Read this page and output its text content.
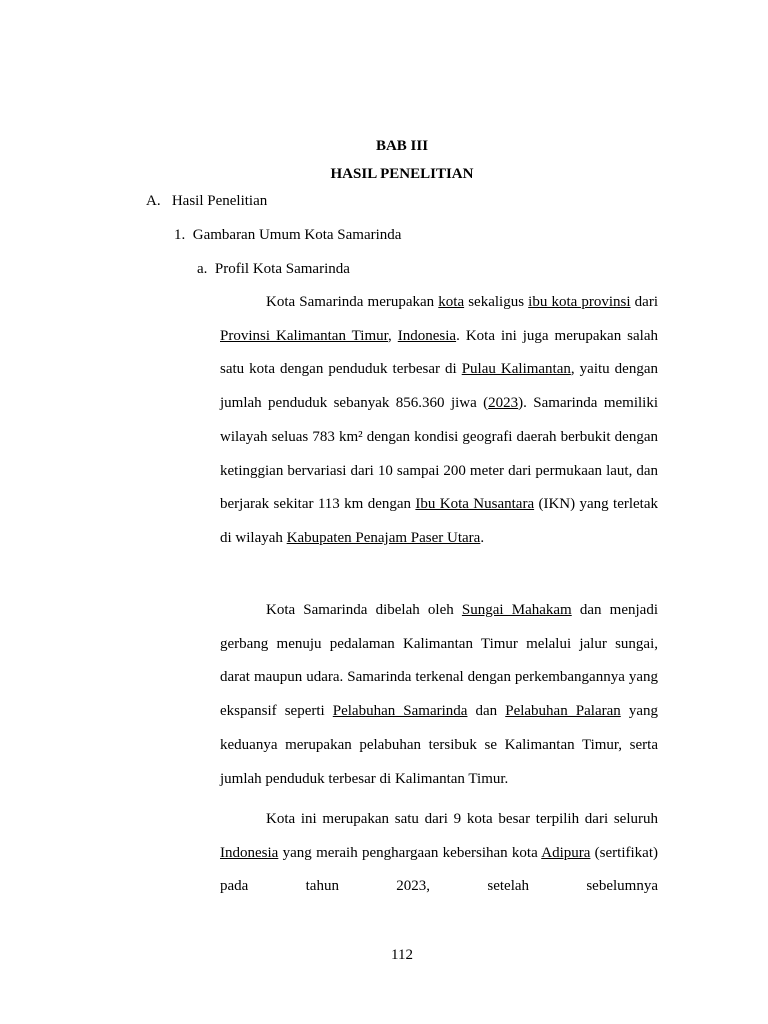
BAB III
HASIL PENELITIAN
A. Hasil Penelitian
1. Gambaran Umum Kota Samarinda
a. Profil Kota Samarinda

Kota Samarinda merupakan kota sekaligus ibu kota provinsi dari Provinsi Kalimantan Timur, Indonesia. Kota ini juga merupakan salah satu kota dengan penduduk terbesar di Pulau Kalimantan, yaitu dengan jumlah penduduk sebanyak 856.360 jiwa (2023). Samarinda memiliki wilayah seluas 783 km² dengan kondisi geografi daerah berbukit dengan ketinggian bervariasi dari 10 sampai 200 meter dari permukaan laut, dan berjarak sekitar 113 km dengan Ibu Kota Nusantara (IKN) yang terletak di wilayah Kabupaten Penajam Paser Utara.

Kota Samarinda dibelah oleh Sungai Mahakam dan menjadi gerbang menuju pedalaman Kalimantan Timur melalui jalur sungai, darat maupun udara. Samarinda terkenal dengan perkembangannya yang ekspansif seperti Pelabuhan Samarinda dan Pelabuhan Palaran yang keduanya merupakan pelabuhan tersibuk se Kalimantan Timur, serta jumlah penduduk terbesar di Kalimantan Timur.

Kota ini merupakan satu dari 9 kota besar terpilih dari seluruh Indonesia yang meraih penghargaan kebersihan kota Adipura (sertifikat) pada tahun 2023, setelah sebelumnya

112
